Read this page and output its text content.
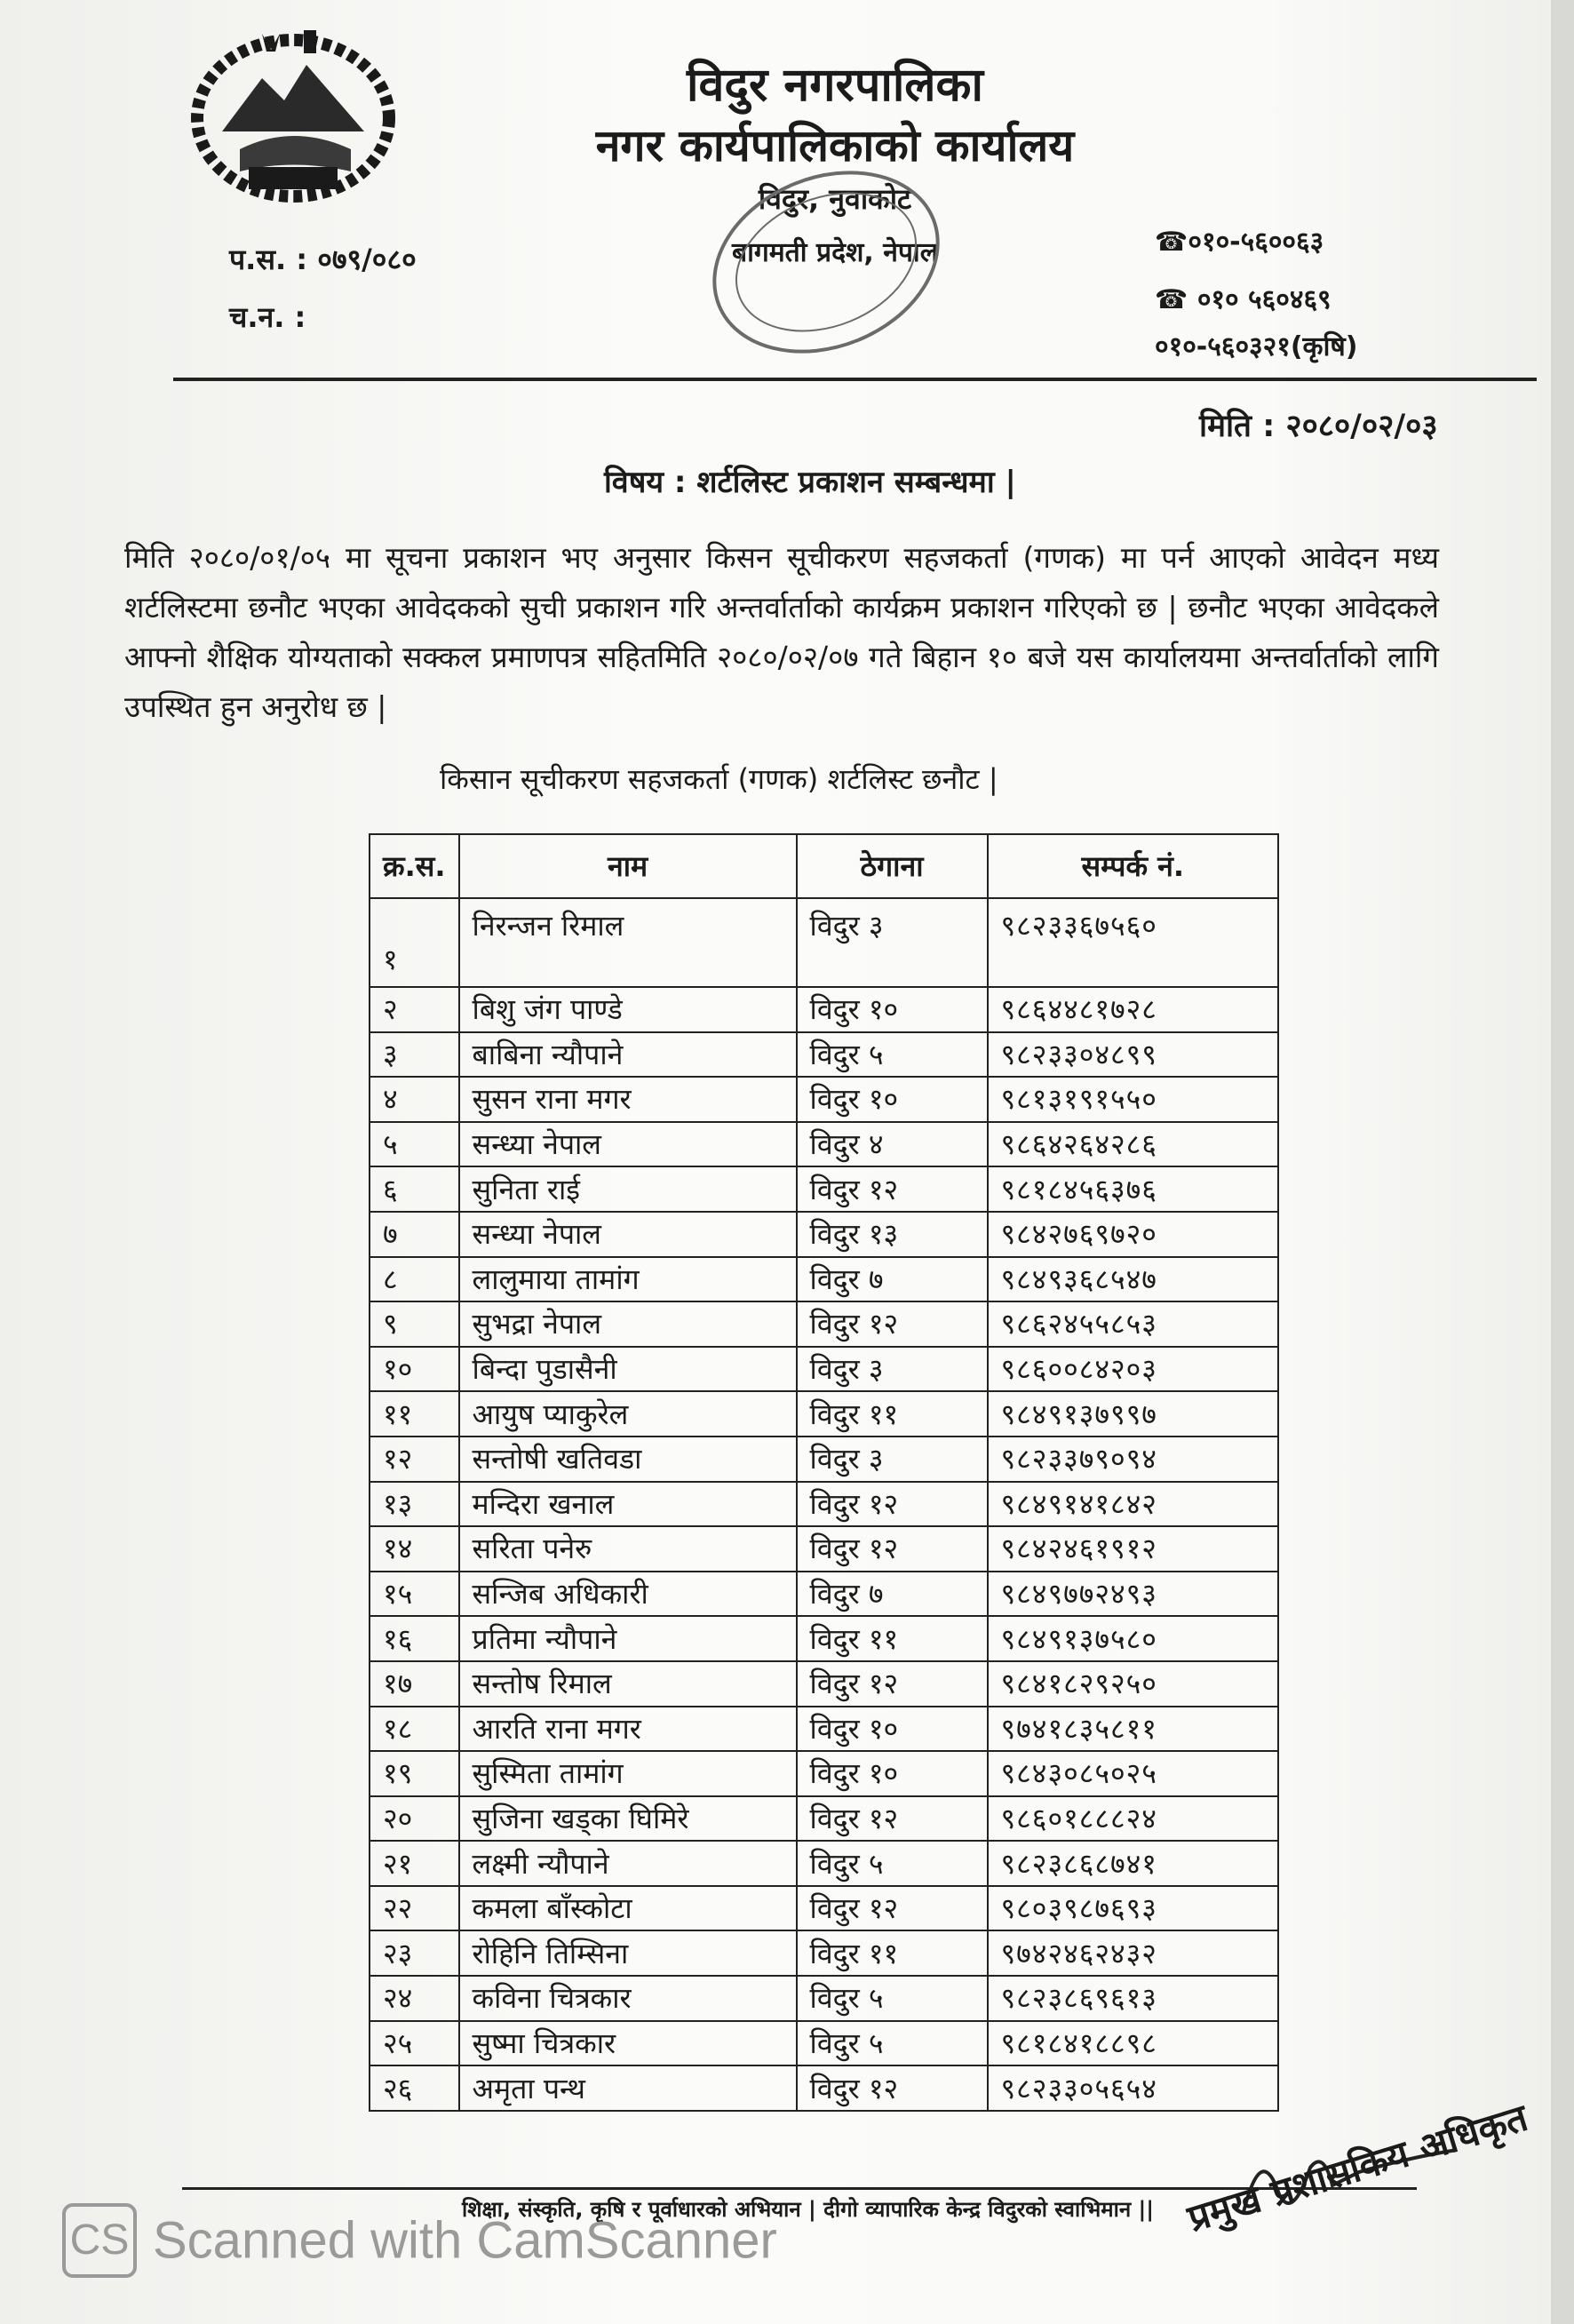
विदुर नगरपालिका
नगर कार्यपालिकाको कार्यालय
विदुर, नुवाकोट
बागमती प्रदेश, नेपाल
प.स. : ०७९/०८०
च.न. :
☎०१०-५६००६३
☎ ०१० ५६०४६९
०१०-५६०३२१(कृषि)
मिति : २०८०/०२/०३
विषय : शर्टलिस्ट प्रकाशन सम्बन्धमा |
मिति २०८०/०१/०५ मा सूचना प्रकाशन भए अनुसार किसन सूचीकरण सहजकर्ता (गणक) मा पर्न आएको आवेदन मध्य शर्टलिस्टमा छनौट भएका आवेदकको सुची प्रकाशन गरि अन्तर्वार्ताको कार्यक्रम प्रकाशन गरिएको छ | छनौट भएका आवेदकले आफ्नो शैक्षिक योग्यताको सक्कल प्रमाणपत्र सहितमिति २०८०/०२/०७ गते बिहान १० बजे यस कार्यालयमा अन्तर्वार्ताको लागि उपस्थित हुन अनुरोध छ |
किसान सूचीकरण सहजकर्ता (गणक) शर्टलिस्ट छनौट |
क्र.स.	नाम	ठेगाना	सम्पर्क नं.
१	निरन्जन रिमाल	विदुर ३	९८२३३६७५६०
२	बिशु जंग पाण्डे	विदुर १०	९८६४४८१७२८
३	बाबिना न्यौपाने	विदुर ५	९८२३३०४८९९
४	सुसन राना मगर	विदुर १०	९८१३१९१५५०
५	सन्ध्या नेपाल	विदुर ४	९८६४२६४२८६
६	सुनिता राई	विदुर १२	९८१८४५६३७६
७	सन्ध्या नेपाल	विदुर १३	९८४२७६९७२०
८	लालुमाया तामांग	विदुर ७	९८४९३६८५४७
९	सुभद्रा नेपाल	विदुर १२	९८६२४५५८५३
१०	बिन्दा पुडासैनी	विदुर ३	९८६००८४२०३
११	आयुष प्याकुरेल	विदुर ११	९८४९१३७९९७
१२	सन्तोषी खतिवडा	विदुर ३	९८२३३७९०९४
१३	मन्दिरा खनाल	विदुर १२	९८४९१४१८४२
१४	सरिता पनेरु	विदुर १२	९८४२४६१९१२
१५	सन्जिब अधिकारी	विदुर ७	९८४९७७२४९३
१६	प्रतिमा न्यौपाने	विदुर ११	९८४९१३७५८०
१७	सन्तोष रिमाल	विदुर १२	९८४१८२९२५०
१८	आरति राना मगर	विदुर १०	९७४१८३५८११
१९	सुस्मिता तामांग	विदुर १०	९८४३०८५०२५
२०	सुजिना खड्का घिमिरे	विदुर १२	९८६०१८८८२४
२१	लक्ष्मी न्यौपाने	विदुर ५	९८२३८६८७४१
२२	कमला बाँस्कोटा	विदुर १२	९८०३९८७६९३
२३	रोहिनि तिम्सिना	विदुर ११	९७४२४६२४३२
२४	कविना चित्रकार	विदुर ५	९८२३८६९६१३
२५	सुष्मा चित्रकार	विदुर ५	९८१८४१८८९८
२६	अमृता पन्थ	विदुर १२	९८२३३०५६५४
शिक्षा, संस्कृति, कृषि र पूर्वाधारको अभियान | दीगो व्यापारिक केन्द्र विदुरको स्वाभिमान || प्रमुख प्रशासकिय अधिकृत
CS Scanned with CamScanner
